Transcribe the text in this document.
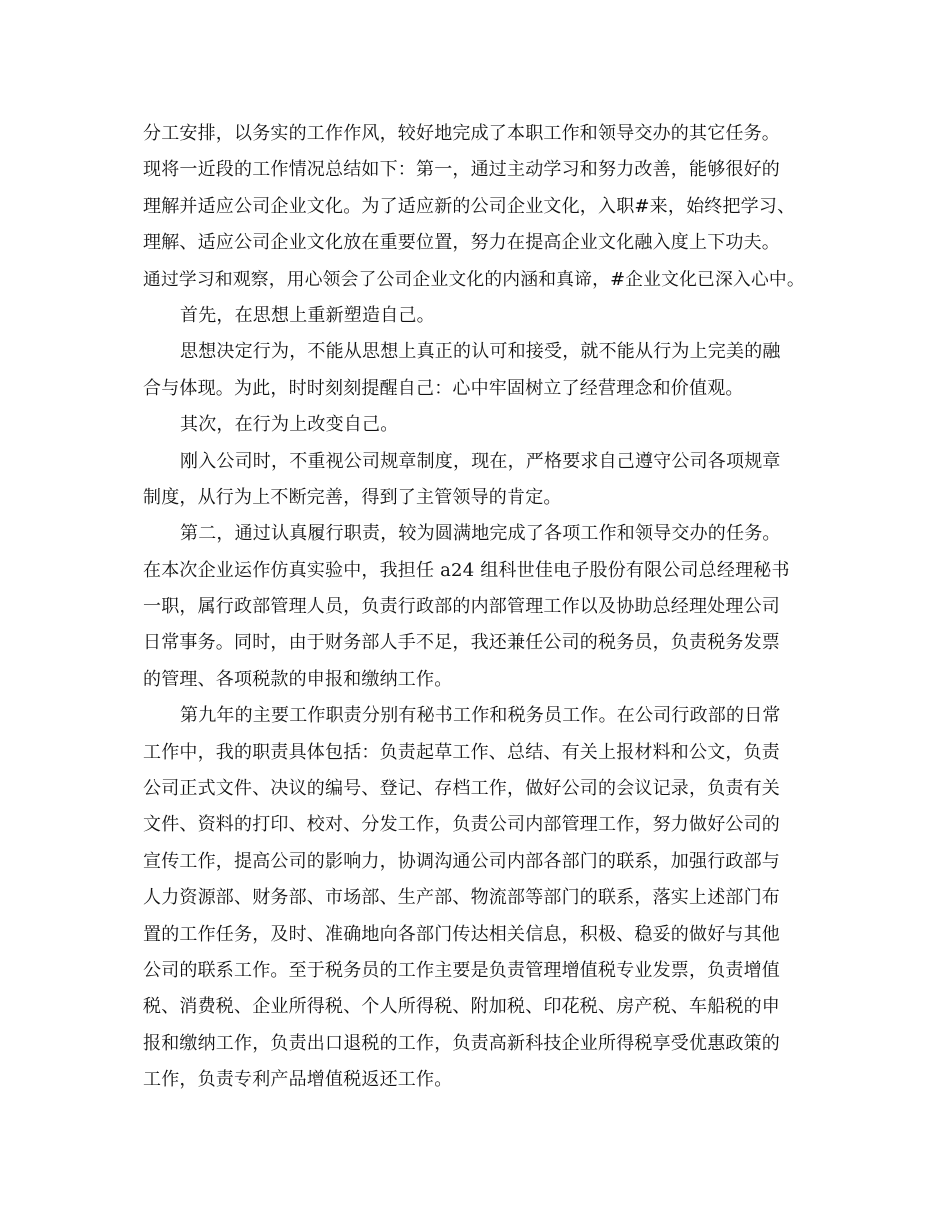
分工安排，以务实的工作作风，较好地完成了本职工作和领导交办的其它任务。
现将一近段的工作情况总结如下：第一，通过主动学习和努力改善，能够很好的
理解并适应公司企业文化。为了适应新的公司企业文化，入职#来，始终把学习、
理解、适应公司企业文化放在重要位置，努力在提高企业文化融入度上下功夫。
通过学习和观察，用心领会了公司企业文化的内涵和真谛，#企业文化已深入心中。
首先，在思想上重新塑造自己。
思想决定行为，不能从思想上真正的认可和接受，就不能从行为上完美的融
合与体现。为此，时时刻刻提醒自己：心中牢固树立了经营理念和价值观。
其次，在行为上改变自己。
刚入公司时，不重视公司规章制度，现在，严格要求自己遵守公司各项规章
制度，从行为上不断完善，得到了主管领导的肯定。
第二，通过认真履行职责，较为圆满地完成了各项工作和领导交办的任务。
在本次企业运作仿真实验中，我担任 a24 组科世佳电子股份有限公司总经理秘书
一职，属行政部管理人员，负责行政部的内部管理工作以及协助总经理处理公司
日常事务。同时，由于财务部人手不足，我还兼任公司的税务员，负责税务发票
的管理、各项税款的申报和缴纳工作。
第九年的主要工作职责分别有秘书工作和税务员工作。在公司行政部的日常
工作中，我的职责具体包括：负责起草工作、总结、有关上报材料和公文，负责
公司正式文件、决议的编号、登记、存档工作，做好公司的会议记录，负责有关
文件、资料的打印、校对、分发工作，负责公司内部管理工作，努力做好公司的
宣传工作，提高公司的影响力，协调沟通公司内部各部门的联系，加强行政部与
人力资源部、财务部、市场部、生产部、物流部等部门的联系，落实上述部门布
置的工作任务，及时、准确地向各部门传达相关信息，积极、稳妥的做好与其他
公司的联系工作。至于税务员的工作主要是负责管理增值税专业发票，负责增值
税、消费税、企业所得税、个人所得税、附加税、印花税、房产税、车船税的申
报和缴纳工作，负责出口退税的工作，负责高新科技企业所得税享受优惠政策的
工作，负责专利产品增值税返还工作。
